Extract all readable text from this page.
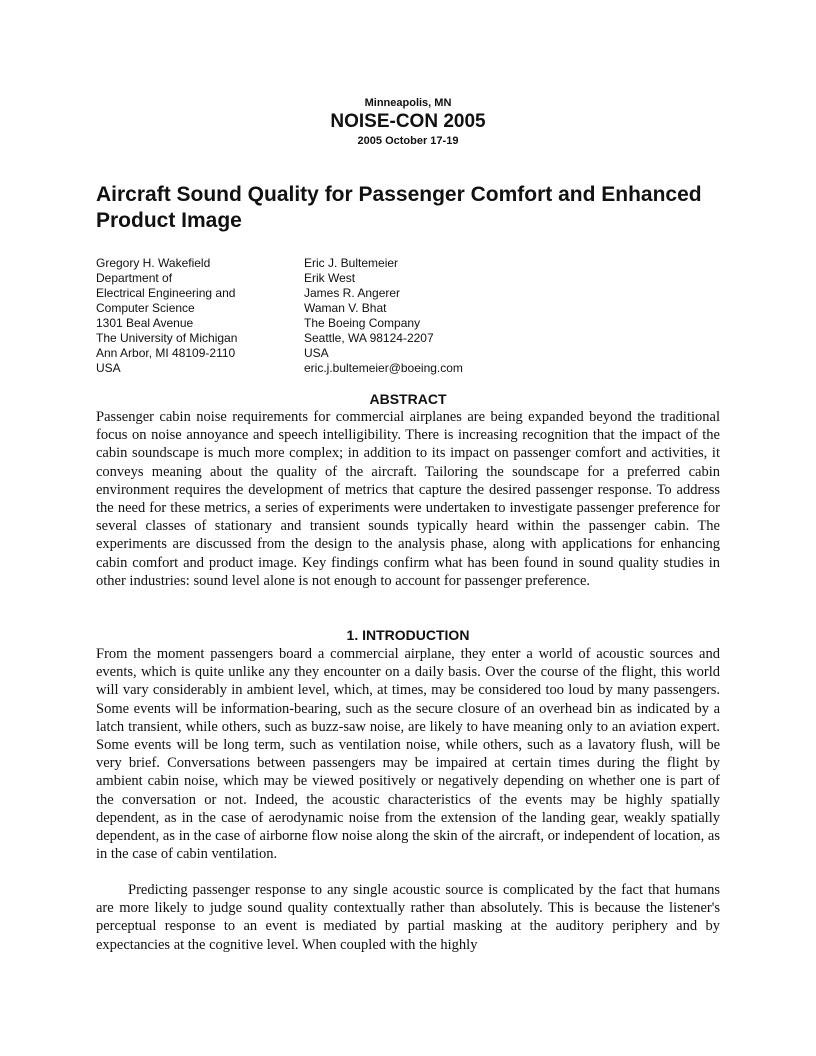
Minneapolis, MN
NOISE-CON 2005
2005 October 17-19
Aircraft Sound Quality for Passenger Comfort and Enhanced Product Image
Gregory H. Wakefield
Department of
Electrical Engineering and
Computer Science
1301 Beal Avenue
The University of Michigan
Ann Arbor, MI 48109-2110
USA
Eric J. Bultemeier
Erik West
James R. Angerer
Waman V. Bhat
The Boeing Company
Seattle, WA 98124-2207
USA
eric.j.bultemeier@boeing.com
ABSTRACT

Passenger cabin noise requirements for commercial airplanes are being expanded beyond the traditional focus on noise annoyance and speech intelligibility. There is increasing recognition that the impact of the cabin soundscape is much more complex; in addition to its impact on passenger comfort and activities, it conveys meaning about the quality of the aircraft. Tailoring the soundscape for a preferred cabin environment requires the development of metrics that capture the desired passenger response. To address the need for these metrics, a series of experiments were undertaken to investigate passenger preference for several classes of stationary and transient sounds typically heard within the passenger cabin. The experiments are discussed from the design to the analysis phase, along with applications for enhancing cabin comfort and product image. Key findings confirm what has been found in sound quality studies in other industries: sound level alone is not enough to account for passenger preference.

1. INTRODUCTION

From the moment passengers board a commercial airplane, they enter a world of acoustic sources and events, which is quite unlike any they encounter on a daily basis. Over the course of the flight, this world will vary considerably in ambient level, which, at times, may be considered too loud by many passengers. Some events will be information-bearing, such as the secure closure of an overhead bin as indicated by a latch transient, while others, such as buzz-saw noise, are likely to have meaning only to an aviation expert. Some events will be long term, such as ventilation noise, while others, such as a lavatory flush, will be very brief. Conversations between passengers may be impaired at certain times during the flight by ambient cabin noise, which may be viewed positively or negatively depending on whether one is part of the conversation or not. Indeed, the acoustic characteristics of the events may be highly spatially dependent, as in the case of aerodynamic noise from the extension of the landing gear, weakly spatially dependent, as in the case of airborne flow noise along the skin of the aircraft, or independent of location, as in the case of cabin ventilation.

Predicting passenger response to any single acoustic source is complicated by the fact that humans are more likely to judge sound quality contextually rather than absolutely. This is because the listener's perceptual response to an event is mediated by partial masking at the auditory periphery and by expectancies at the cognitive level. When coupled with the highly
